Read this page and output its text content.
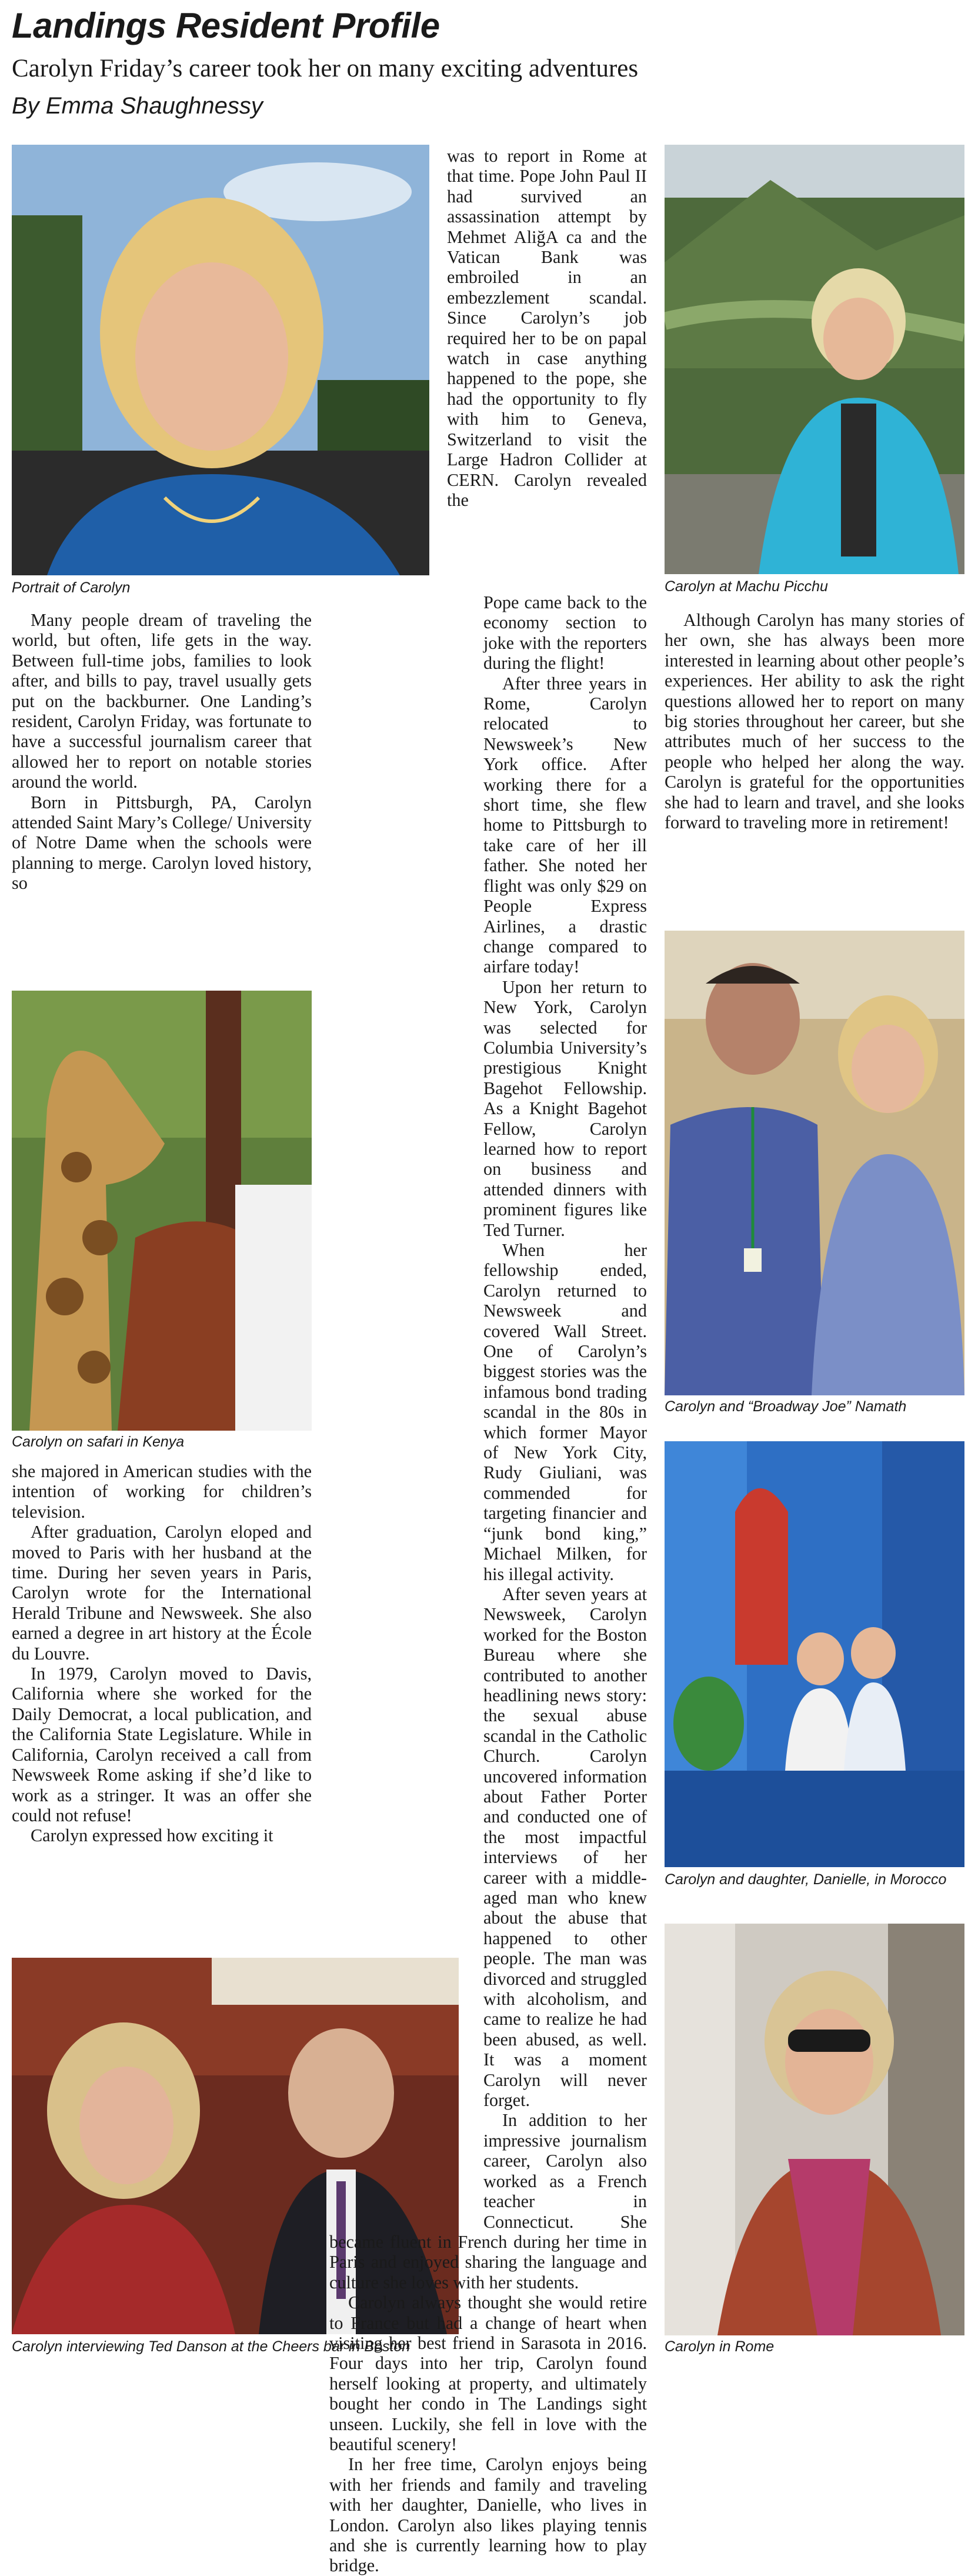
Landings Resident Profile
Carolyn Friday’s career took her on many exciting adventures
By Emma Shaughnessy
Portrait of Carolyn
Carolyn on safari in Kenya
Carolyn interviewing Ted Danson at the Cheers bar in Boston
Carolyn at Machu Picchu
Carolyn and “Broadway Joe” Namath
Carolyn and daughter, Danielle, in Morocco
Carolyn in Rome

Many people dream of traveling the world, but often, life gets in the way. Between full-time jobs, families to look after, and bills to pay, travel usually gets put on the backburner. One Landing’s resident, Carolyn Friday, was fortunate to have a successful journalism career that allowed her to report on notable stories around the world.

Born in Pittsburgh, PA, Carolyn attended Saint Mary’s College/ University of Notre Dame when the schools were planning to merge. Carolyn loved history, so

she majored in American studies with the intention of working for children’s television.

After graduation, Carolyn eloped and moved to Paris with her husband at the time. During her seven years in Paris, Carolyn wrote for the International Herald Tribune and Newsweek. She also earned a degree in art history at the École du Louvre.

In 1979, Carolyn moved to Davis, California where she worked for the Daily Democrat, a local publication, and the California State Legislature. While in California, Carolyn received a call from Newsweek Rome asking if she’d like to work as a stringer. It was an offer she could not refuse!

Carolyn expressed how exciting it

was to report in Rome at that time. Pope John Paul II had survived an assassination attempt by Mehmet AliğA ca and the Vatican Bank was embroiled in an embezzlement scandal. Since Carolyn’s job required her to be on papal watch in case anything happened to the pope, she had the opportunity to fly with him to Geneva, Switzerland to visit the Large Hadron Collider at CERN. Carolyn revealed the

Pope came back to the economy section to joke with the reporters during the flight!

After three years in Rome, Carolyn relocated to Newsweek’s New York office. After working there for a short time, she flew home to Pittsburgh to take care of her ill father. She noted her flight was only $29 on People Express Airlines, a drastic change compared to airfare today!

Upon her return to New York, Carolyn was selected for Columbia University’s prestigious Knight Bagehot Fellowship. As a Knight Bagehot Fellow, Carolyn learned how to report on business and attended dinners with prominent figures like Ted Turner.

When her fellowship ended, Carolyn returned to Newsweek and covered Wall Street. One of Carolyn’s biggest stories was the infamous bond trading scandal in the 80s in which former Mayor of New York City, Rudy Giuliani, was commended for targeting financier and “junk bond king,” Michael Milken, for his illegal activity.

After seven years at Newsweek, Carolyn worked for the Boston Bureau where she contributed to another headlining news story: the sexual abuse scandal in the Catholic Church. Carolyn uncovered information about Father Porter and conducted one of the most impactful interviews of her career with a middle-aged man who knew about the abuse that happened to other people. The man was divorced and struggled with alcoholism, and came to realize he had been abused, as well. It was a moment Carolyn will never forget.

In addition to her impressive journalism career, Carolyn also worked as a French teacher in Connecticut. She became fluent in French during her time in Paris and enjoyed sharing the language and culture she loves with her students.

Carolyn always thought she would retire to France but had a change of heart when visiting her best friend in Sarasota in 2016. Four days into her trip, Carolyn found herself looking at property, and ultimately bought her condo in The Landings sight unseen. Luckily, she fell in love with the beautiful scenery!

In her free time, Carolyn enjoys being with her friends and family and traveling with her daughter, Danielle, who lives in London. Carolyn also likes playing tennis and she is currently learning how to play bridge.

Although Carolyn has many stories of her own, she has always been more interested in learning about other people’s experiences. Her ability to ask the right questions allowed her to report on many big stories throughout her career, but she attributes much of her success to the people who helped her along the way. Carolyn is grateful for the opportunities she had to learn and travel, and she looks forward to traveling more in retirement!
